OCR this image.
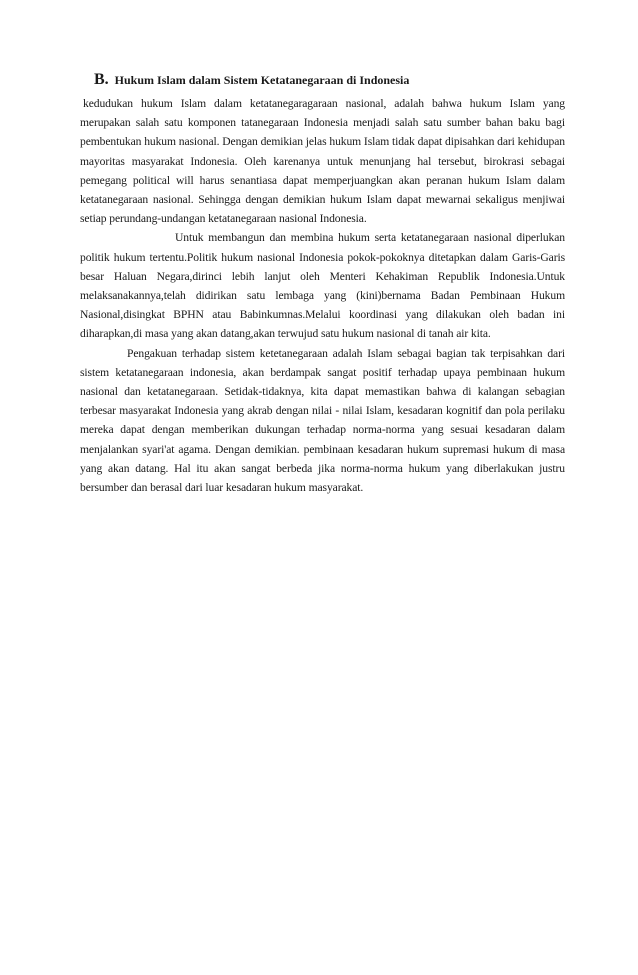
B. Hukum Islam dalam Sistem Ketatanegaraan di Indonesia

kedudukan hukum Islam dalam ketatanegaragaraan nasional, adalah bahwa hukum Islam yang merupakan salah satu komponen tatanegaraan Indonesia menjadi salah satu sumber bahan baku bagi pembentukan hukum nasional. Dengan demikian jelas hukum Islam tidak dapat dipisahkan dari kehidupan mayoritas masyarakat Indonesia. Oleh karenanya untuk menunjang hal tersebut, birokrasi sebagai pemegang political will harus senantiasa dapat memperjuangkan akan peranan hukum Islam dalam ketatanegaraan nasional. Sehingga dengan demikian hukum Islam dapat mewarnai sekaligus menjiwai setiap perundang-undangan ketatanegaraan nasional Indonesia.

Untuk membangun dan membina hukum serta ketatanegaraan nasional diperlukan politik hukum tertentu.Politik hukum nasional Indonesia pokok-pokoknya ditetapkan dalam Garis-Garis besar Haluan Negara,dirinci lebih lanjut oleh Menteri Kehakiman Republik Indonesia.Untuk melaksanakannya,telah didirikan satu lembaga yang (kini)bernama Badan Pembinaan Hukum Nasional,disingkat BPHN atau Babinkumnas.Melalui koordinasi yang dilakukan oleh badan ini diharapkan,di masa yang akan datang,akan terwujud satu hukum nasional di tanah air kita.

Pengakuan terhadap sistem ketetanegaraan adalah Islam sebagai bagian tak terpisahkan dari sistem ketatanegaraan indonesia, akan berdampak sangat positif terhadap upaya pembinaan hukum nasional dan ketatanegaraan. Setidak-tidaknya, kita dapat memastikan bahwa di kalangan sebagian terbesar masyarakat Indonesia yang akrab dengan nilai - nilai Islam, kesadaran kognitif dan pola perilaku mereka dapat dengan memberikan dukungan terhadap norma-norma yang sesuai kesadaran dalam menjalankan syari'at agama. Dengan demikian. pembinaan kesadaran hukum supremasi hukum di masa yang akan datang. Hal itu akan sangat berbeda jika norma-norma hukum yang diberlakukan justru bersumber dan berasal dari luar kesadaran hukum masyarakat.
